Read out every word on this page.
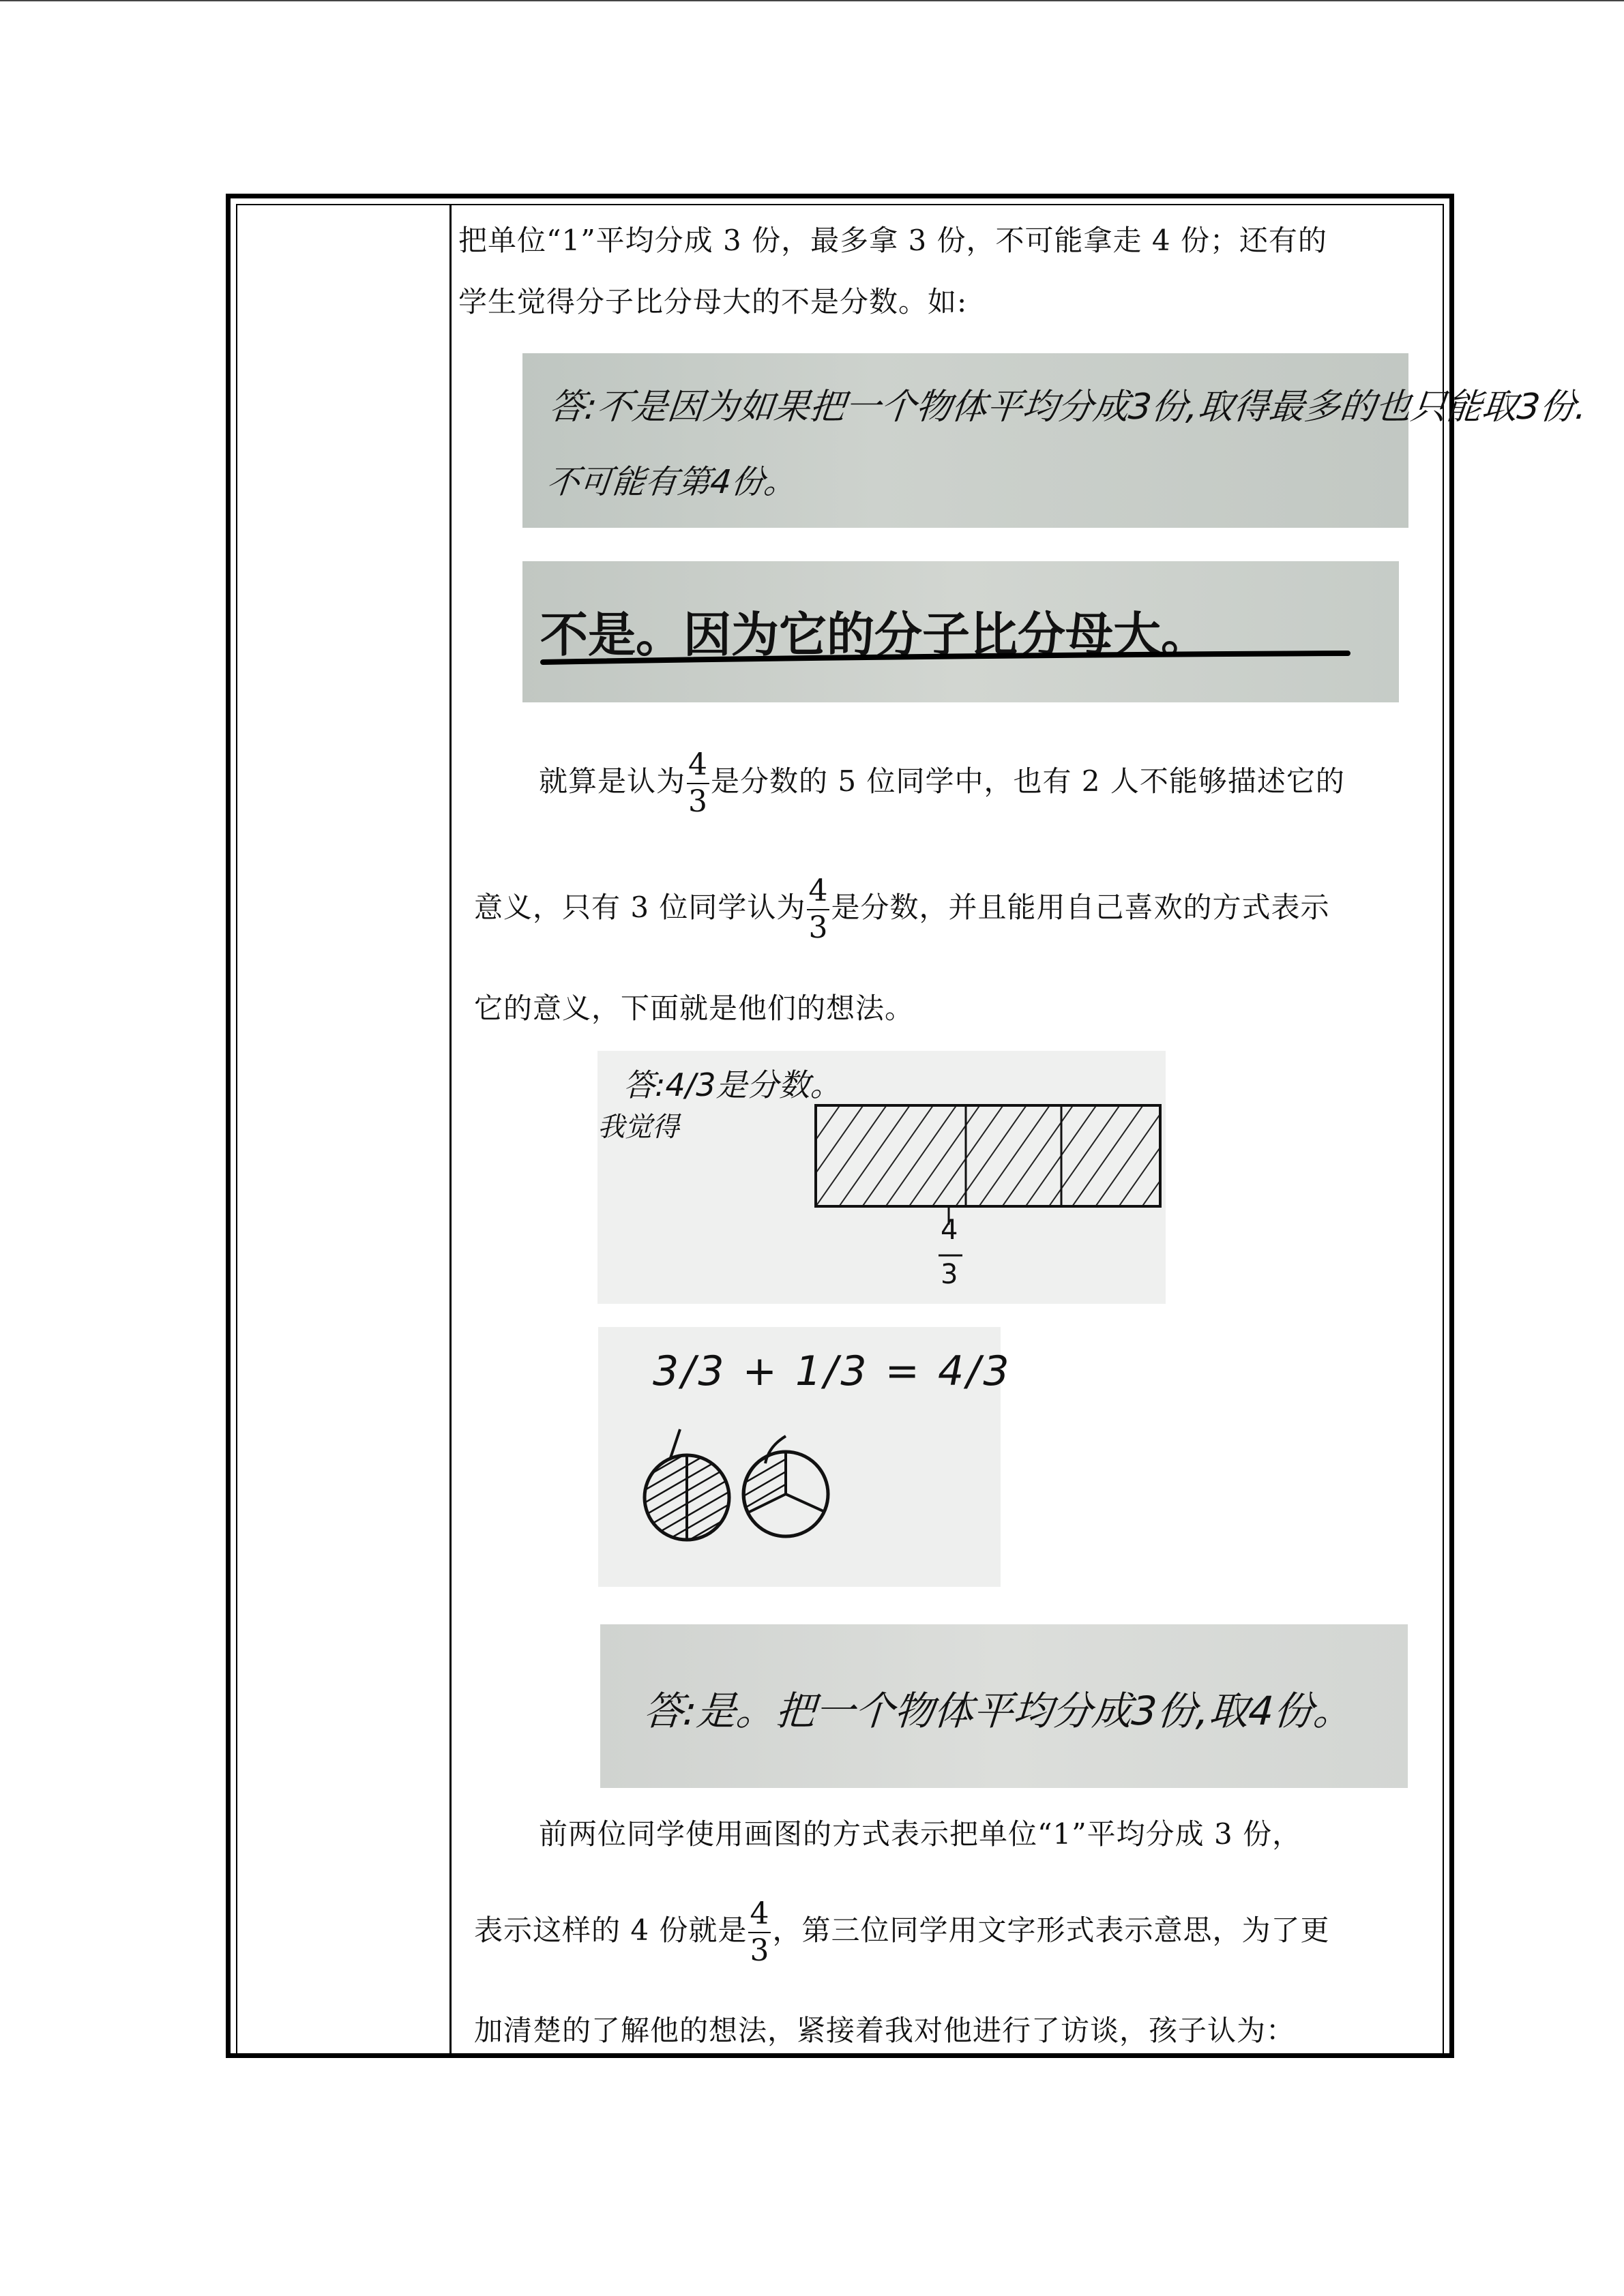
把单位“1”平均分成 3 份，最多拿 3 份，不可能拿走 4 份；还有的
学生觉得分子比分母大的不是分数。如:
答:不是因为如果把一个物体平均分成3份,取得最多的也只能取3份.
不可能有第4份。
不是。因为它的分子比分母大。
就算是认为 $\frac{4}{3}$ 是分数的 5 位同学中，也有 2 人不能够描述它的
意义，只有 3 位同学认为 $\frac{4}{3}$ 是分数，并且能用自己喜欢的方式表示
它的意义，下面就是他们的想法。
答:4/3是分数。
我觉得
4
3
3/3 + 1/3 = 4/3
答:是。把一个物体平均分成3份,取4份。
前两位同学使用画图的方式表示把单位“1”平均分成 3 份，
表示这样的 4 份就是 $\frac{4}{3}$ ，第三位同学用文字形式表示意思，为了更
加清楚的了解他的想法，紧接着我对他进行了访谈，孩子认为：
